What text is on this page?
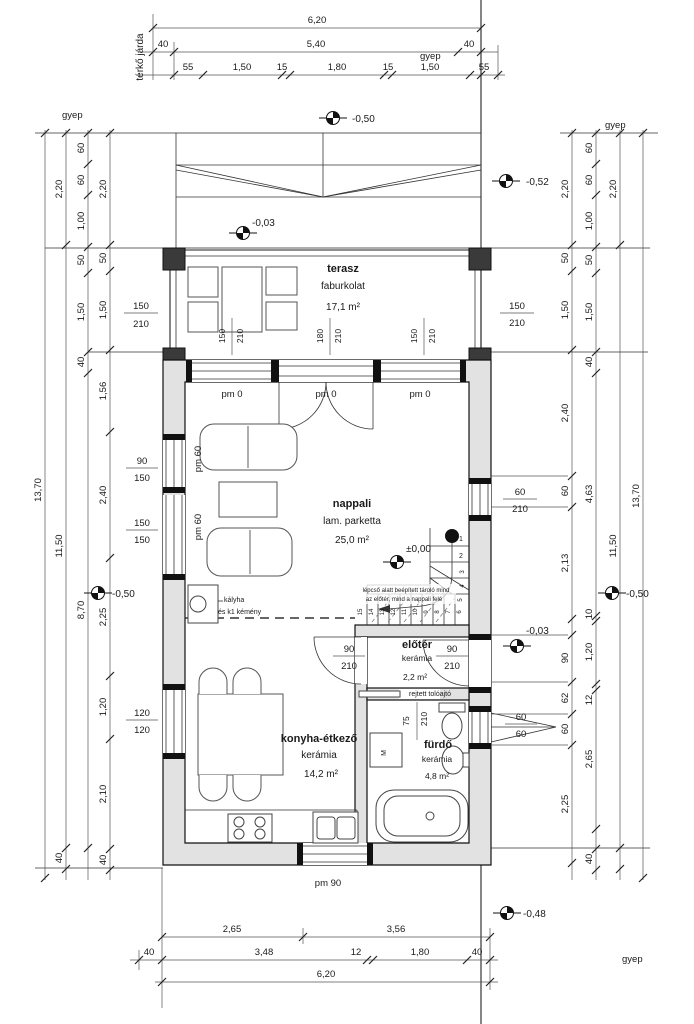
térkő járda	gyep
gyep
gyep
gyep
-0,50
-0,52
-0,03
±0,00
-0,50	-0,50
-0,03
-0,48
terasz
faburkolat
17,1 m²
nappali
lam. parketta
25,0 m²
előtér
kerámia
2,2 m²
konyha-étkező
kerámia
14,2 m²
fürdő
kerámia
4,8 m²
kályha
és k1 kémény
lépcső alatt beépített tároló mind
az előtér, mind a nappali felé
rejtett tolóajtó
pm 0	pm 0	pm 0
pm 60
pm 60
pm 90
M
150 210	180 210	150 210
150
210
150
210
90
150
150
150
120
120
60
210
60
60
90
210
90
210
75 210
1
2
3
4
5
6
7
8
9
10
11
12
13
14
15
6,20
40	5,40	40
55	1,50	15	1,80	15	1,50	55
2,65	3,56
40	3,48	12	1,80	40
6,20
2,20
11,50
40
60
60
1,00
50
1,50
40
8,70
2,20
50
1,50
1,56
2,40
2,25
1,20
2,10
40
13,70
2,20
50
1,50
2,40
60
2,13
90
62
60
2,25
60
60
1,00
50
1,50
40
4,63
10
1,20
12
2,65
40
2,20
11,50
13,70
